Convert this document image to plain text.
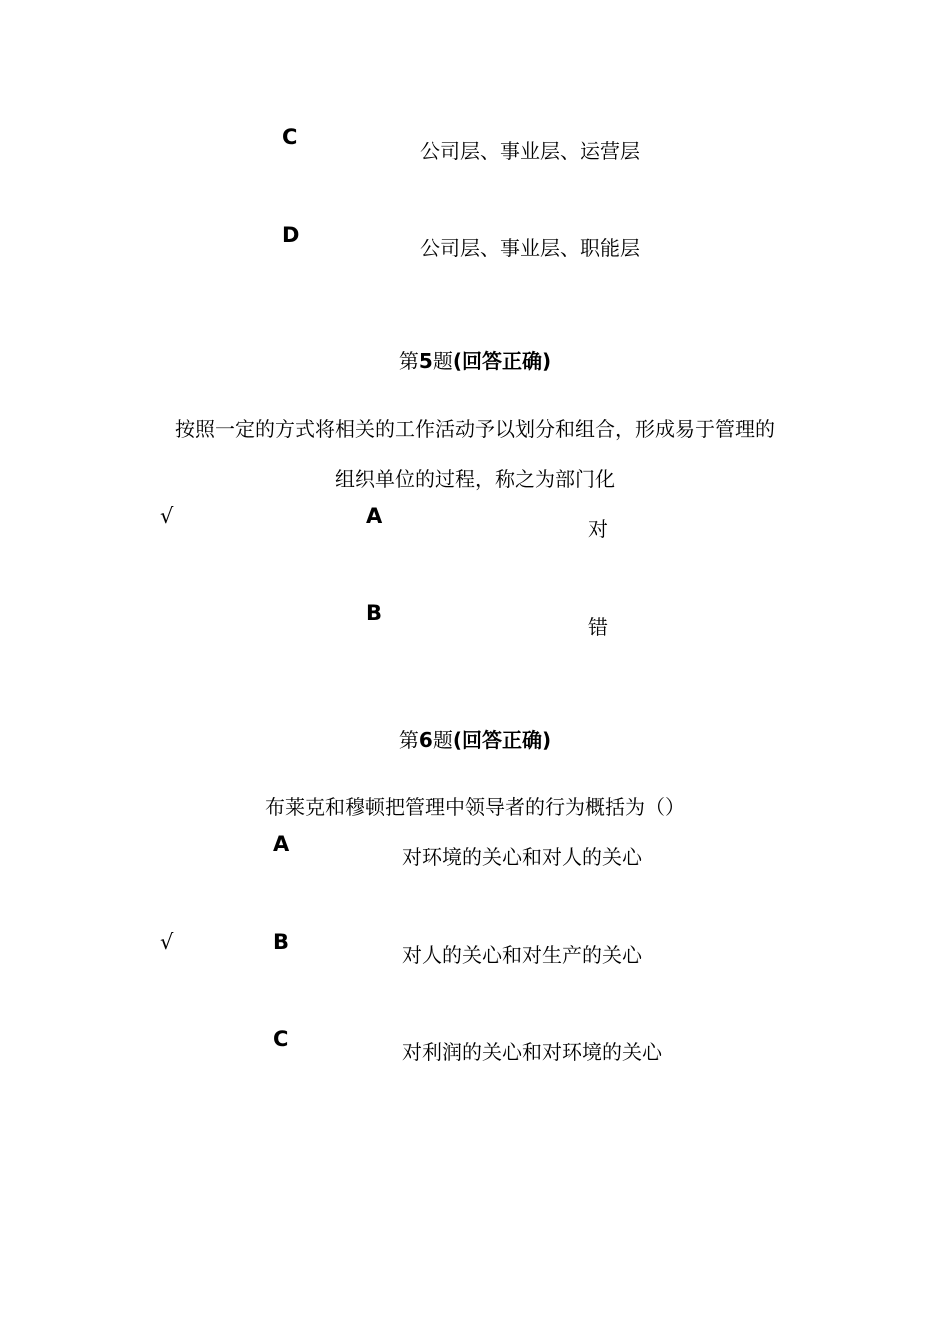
C
公司层、事业层、运营层
D
公司层、事业层、职能层
第5题(回答正确)
按照一定的方式将相关的工作活动予以划分和组合，形成易于管理的
组织单位的过程，称之为部门化
√	A
对
B
错
第6题(回答正确)
布莱克和穆顿把管理中领导者的行为概括为（）
A
对环境的关心和对人的关心
√	B
对人的关心和对生产的关心
C
对利润的关心和对环境的关心
